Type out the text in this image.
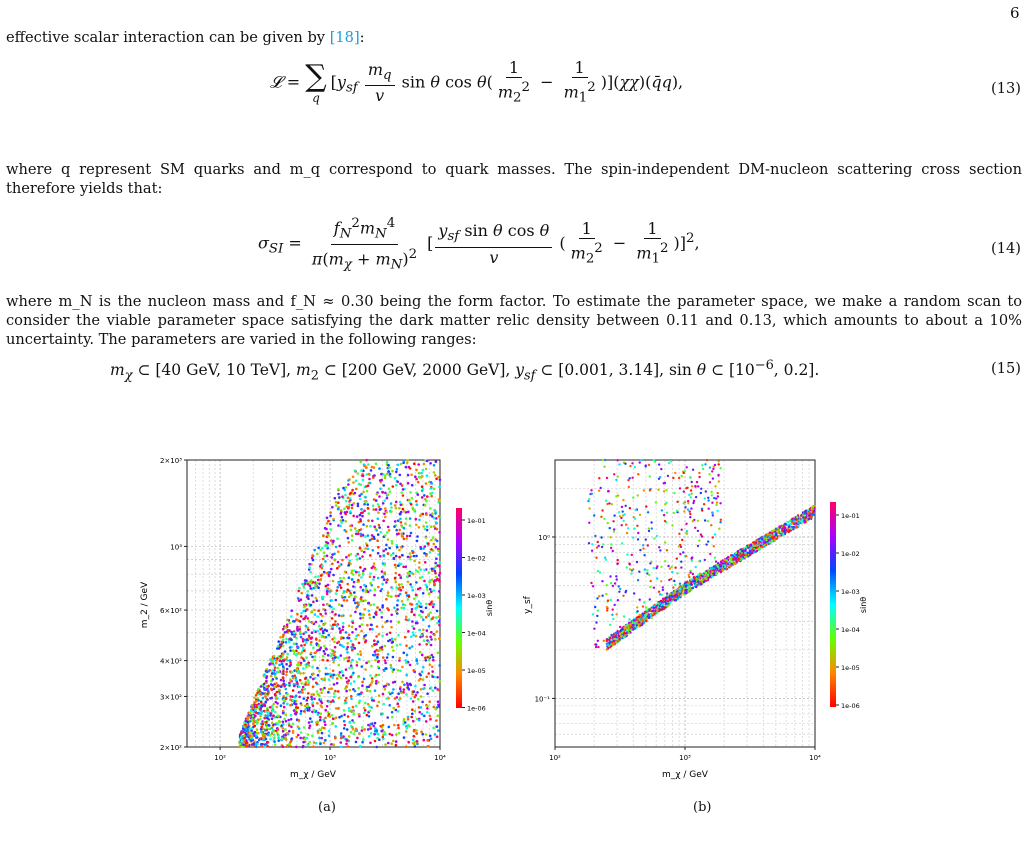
6
effective scalar interaction can be given by [18]:
𝓛 = ∑
q
[$y_{sf} \frac{m_q}{v}$ sin θ $\cos \theta( \frac{1}{m_2^2} - \frac{1}{m_1^2}$ )](χχ)(q̄q),	(13)
where q represent SM quarks and m_q correspond to quark masses. The spin-independent DM-nucleon scattering cross section therefore yields that:
$\sigma_{SI} = \frac{f_N^2m_N^4}{\pi(m_\chi + m_N)^2}$ [ $\frac{y_{sf} \sin \theta \cos \theta}{v}$ ( $\frac{1}{m_2^2} - \frac{1}{m_1^2} )]^2$,	(14)
where m_N is the nucleon mass and f_N ≈ 0.30 being the form factor. To estimate the parameter space, we make a random scan to consider the viable parameter space satisfying the dark matter relic density between 0.11 and 0.13, which amounts to about a 10% uncertainty. The parameters are varied in the following ranges:
$m_\chi$ ⊂ [40 GeV, 10 TeV], $m_2$ ⊂ [200 GeV, 2000 GeV], $y_{sf}$ ⊂ [0.001, 3.14], sin θ ⊂ [$10^{-6}$, 0.2].	(15)
2×10³
10³
6×10²
4×10²
3×10²
2×10²
10²	10³	10⁴
m_χ / GeV
m_2 / GeV
1e-01
1e-02
1e-03
1e-04
1e-05
1e-06
sinθ
(a)
10⁰
10⁻¹
10²	10³	10⁴
m_χ / GeV
y_sf
1e-01
1e-02
1e-03
1e-04
1e-05
1e-06
sinθ
(b)
